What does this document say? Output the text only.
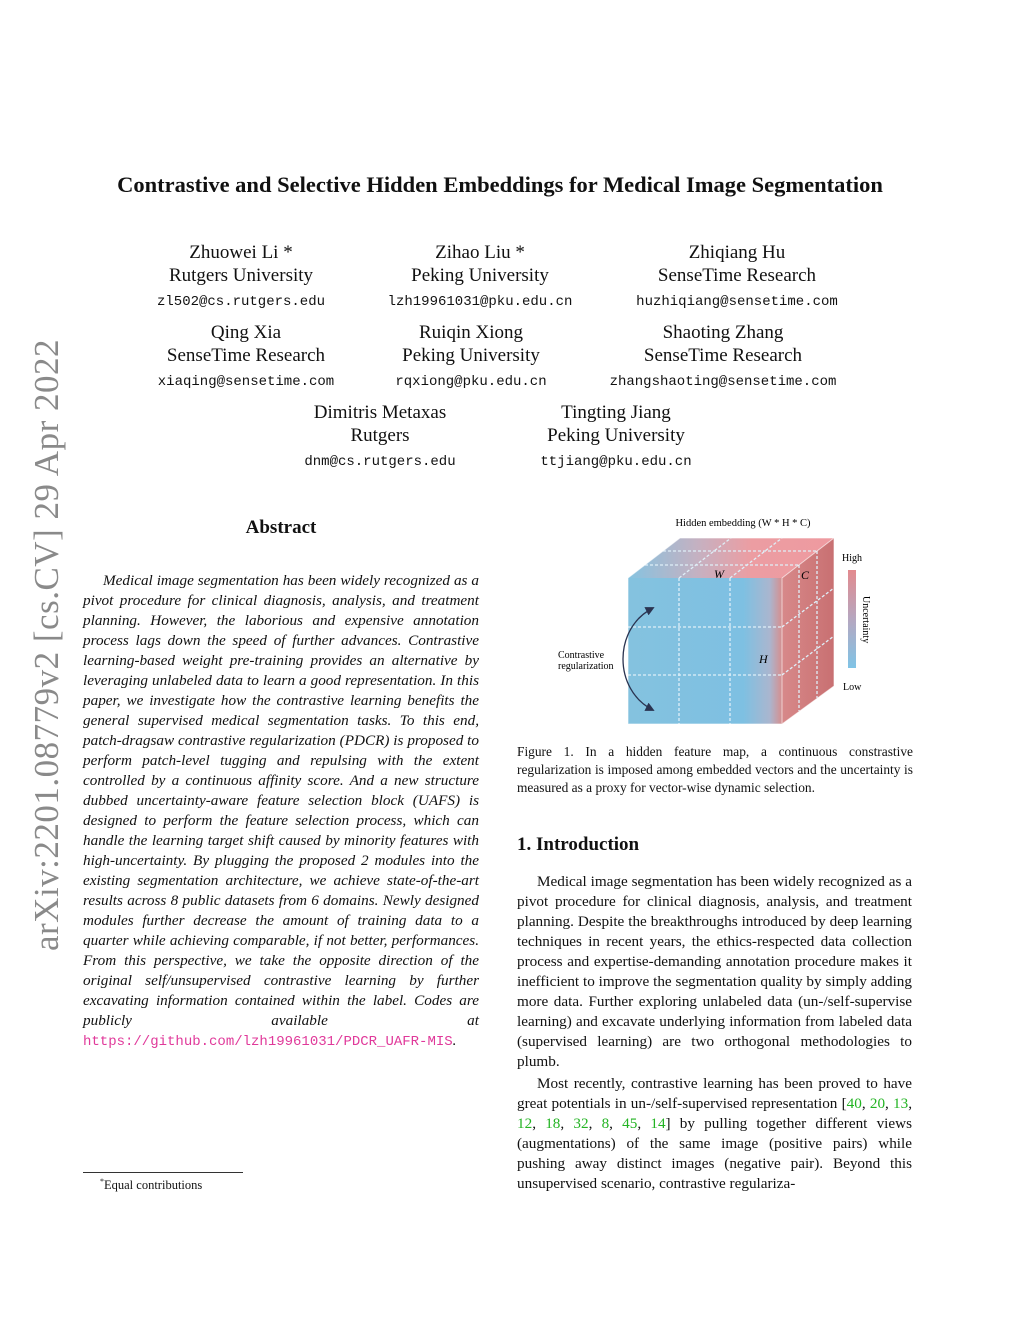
arXiv:2201.08779v2 [cs.CV] 29 Apr 2022
Contrastive and Selective Hidden Embeddings for Medical Image Segmentation
Zhuowei Li *
Rutgers University
zl502@cs.rutgers.edu
Zihao Liu *
Peking University
lzh19961031@pku.edu.cn
Zhiqiang Hu
SenseTime Research
huzhiqiang@sensetime.com
Qing Xia
SenseTime Research
xiaqing@sensetime.com
Ruiqin Xiong
Peking University
rqxiong@pku.edu.cn
Shaoting Zhang
SenseTime Research
zhangshaoting@sensetime.com
Dimitris Metaxas
Rutgers
dnm@cs.rutgers.edu
Tingting Jiang
Peking University
ttjiang@pku.edu.cn
Abstract
Medical image segmentation has been widely recognized as a pivot procedure for clinical diagnosis, analysis, and treatment planning. However, the laborious and expensive annotation process lags down the speed of further advances. Contrastive learning-based weight pre-training provides an alternative by leveraging unlabeled data to learn a good representation. In this paper, we investigate how the contrastive learning benefits the general supervised medical segmentation tasks. To this end, patch-dragsaw contrastive regularization (PDCR) is proposed to perform patch-level tugging and repulsing with the extent controlled by a continuous affinity score. And a new structure dubbed uncertainty-aware feature selection block (UAFS) is designed to perform the feature selection process, which can handle the learning target shift caused by minority features with high-uncertainty. By plugging the proposed 2 modules into the existing segmentation architecture, we achieve state-of-the-art results across 8 public datasets from 6 domains. Newly designed modules further decrease the amount of training data to a quarter while achieving comparable, if not better, performances. From this perspective, we take the opposite direction of the original self/unsupervised contrastive learning by further excavating information contained within the label. Codes are publicly available at https://github.com/lzh19961031/PDCR_UAFR-MIS.
*Equal contributions
Hidden embedding (W * H * C)
W	C
H
Contrastive
regularization
High
Low
Uncertainty
Figure 1. In a hidden feature map, a continuous constrastive regularization is imposed among embedded vectors and the uncertainty is measured as a proxy for vector-wise dynamic selection.
1. Introduction
Medical image segmentation has been widely recognized as a pivot procedure for clinical diagnosis, analysis, and treatment planning. Despite the breakthroughs introduced by deep learning techniques in recent years, the ethics-respected data collection process and expertise-demanding annotation procedure makes it inefficient to improve the segmentation quality by simply adding more data. Further exploring unlabeled data (un-/self-supervise learning) and excavate underlying information from labeled data (supervised learning) are two orthogonal methodologies to plumb.
Most recently, contrastive learning has been proved to have great potentials in un-/self-supervised representation [40, 20, 13, 12, 18, 32, 8, 45, 14] by pulling together different views (augmentations) of the same image (positive pairs) while pushing away distinct images (negative pair). Beyond this unsupervised scenario, contrastive regulariza-
